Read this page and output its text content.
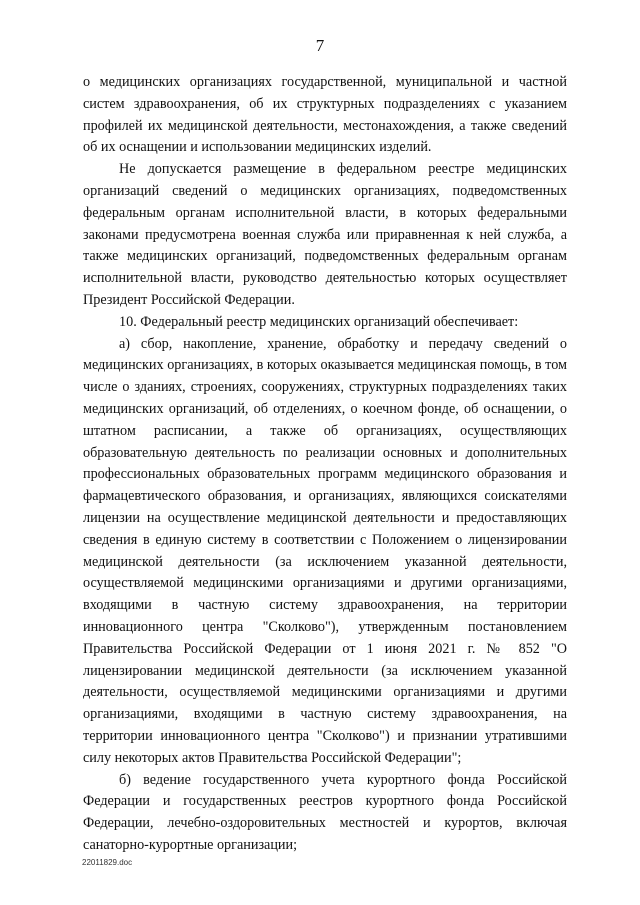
7

о медицинских организациях государственной, муниципальной и частной систем здравоохранения, об их структурных подразделениях с указанием профилей их медицинской деятельности, местонахождения, а также сведений об их оснащении и использовании медицинских изделий.

Не допускается размещение в федеральном реестре медицинских организаций сведений о медицинских организациях, подведомственных федеральным органам исполнительной власти, в которых федеральными законами предусмотрена военная служба или приравненная к ней служба, а также медицинских организаций, подведомственных федеральным органам исполнительной власти, руководство деятельностью которых осуществляет Президент Российской Федерации.

10. Федеральный реестр медицинских организаций обеспечивает:

а) сбор, накопление, хранение, обработку и передачу сведений о медицинских организациях, в которых оказывается медицинская помощь, в том числе о зданиях, строениях, сооружениях, структурных подразделениях таких медицинских организаций, об отделениях, о коечном фонде, об оснащении, о штатном расписании, а также об организациях, осуществляющих образовательную деятельность по реализации основных и дополнительных профессиональных образовательных программ медицинского образования и фармацевтического образования, и организациях, являющихся соискателями лицензии на осуществление медицинской деятельности и предоставляющих сведения в единую систему в соответствии с Положением о лицензировании медицинской деятельности (за исключением указанной деятельности, осуществляемой медицинскими организациями и другими организациями, входящими в частную систему здравоохранения, на территории инновационного центра "Сколково"), утвержденным постановлением Правительства Российской Федерации от 1 июня 2021 г. № 852 "О лицензировании медицинской деятельности (за исключением указанной деятельности, осуществляемой медицинскими организациями и другими организациями, входящими в частную систему здравоохранения, на территории инновационного центра "Сколково") и признании утратившими силу некоторых актов Правительства Российской Федерации";

б) ведение государственного учета курортного фонда Российской Федерации и государственных реестров курортного фонда Российской Федерации, лечебно-оздоровительных местностей и курортов, включая санаторно-курортные организации;

22011829.doc
